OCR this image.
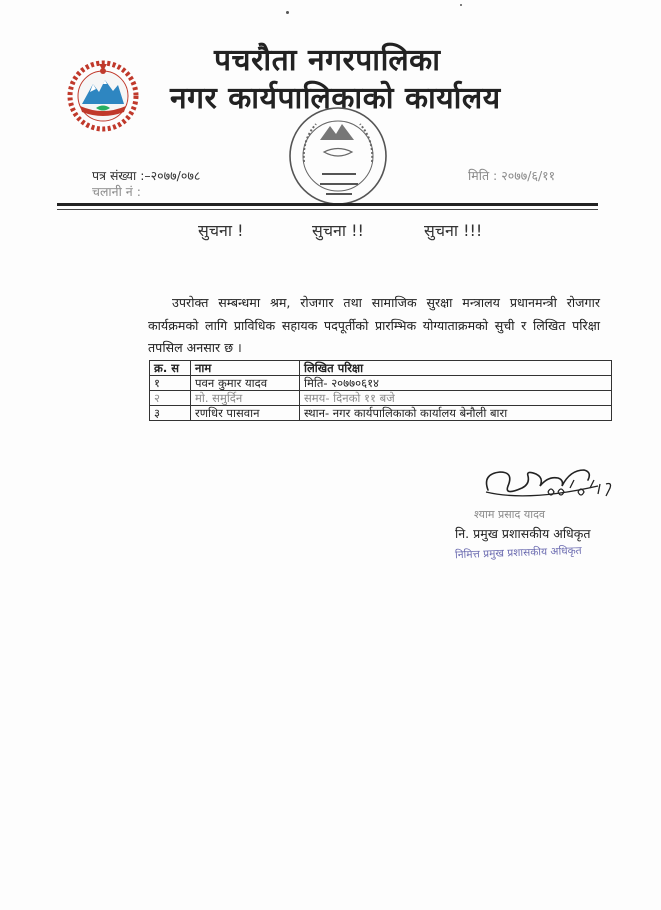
पचरौता नगरपालिका
नगर कार्यपालिकाको कार्यालय
पत्र संख्या :–२०७७/०७८
चलानी नं :
मिति : २०७७/६/११
सुचना !	सुचना !!	सुचना !!!
उपरोक्त सम्बन्धमा श्रम, रोजगार तथा सामाजिक सुरक्षा मन्त्रालय प्रधानमन्त्री रोजगार कार्यक्रमको लागि प्राविधिक सहायक पदपूर्तीको प्रारम्भिक योग्याताक्रमको सुची र लिखित परिक्षा तपसिल अनसार छ ।
क्र. स	नाम	लिखित परिक्षा
१	पवन कुमार यादव	मिति- २०७७०६१४
२	मो. समुर्दिन	समय- दिनको ११ बजे
३	रणधिर पासवान	स्थान- नगर कार्यपालिकाको कार्यालय बेनौली बारा
श्याम प्रसाद यादव
नि. प्रमुख प्रशासकीय अधिकृत
निमित्त प्रमुख प्रशासकीय अधिकृत
